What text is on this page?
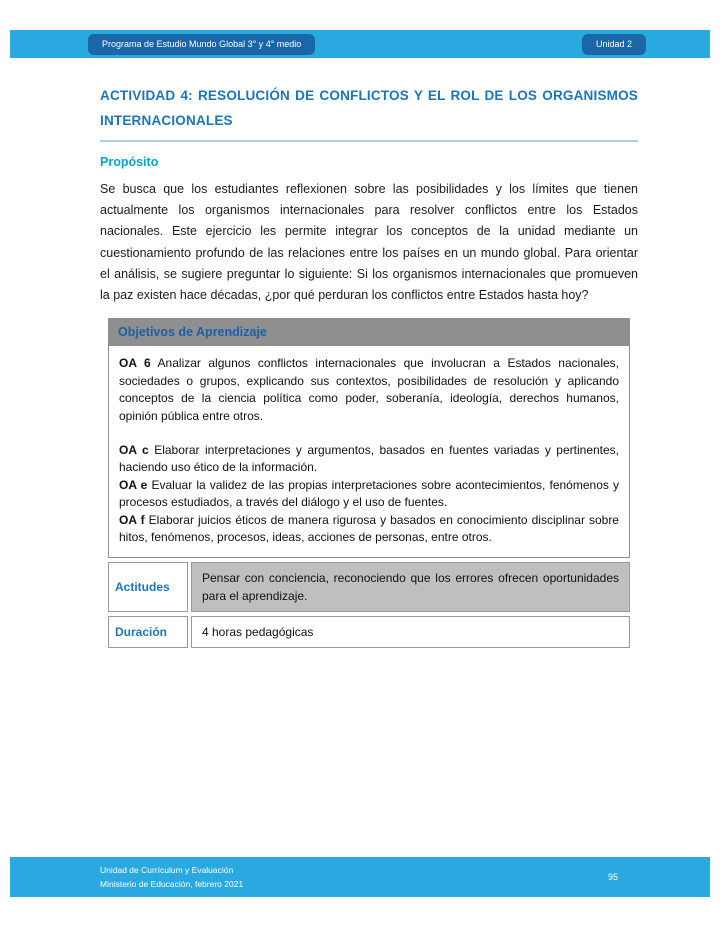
Programa de Estudio Mundo Global 3° y 4° medio	Unidad 2
ACTIVIDAD 4: RESOLUCIÓN DE CONFLICTOS Y EL ROL DE LOS ORGANISMOS INTERNACIONALES
Propósito

Se busca que los estudiantes reflexionen sobre las posibilidades y los límites que tienen actualmente los organismos internacionales para resolver conflictos entre los Estados nacionales. Este ejercicio les permite integrar los conceptos de la unidad mediante un cuestionamiento profundo de las relaciones entre los países en un mundo global. Para orientar el análisis, se sugiere preguntar lo siguiente: Si los organismos internacionales que promueven la paz existen hace décadas, ¿por qué perduran los conflictos entre Estados hasta hoy?

Objetivos de Aprendizaje

OA 6 Analizar algunos conflictos internacionales que involucran a Estados nacionales, sociedades o grupos, explicando sus contextos, posibilidades de resolución y aplicando conceptos de la ciencia política como poder, soberanía, ideología, derechos humanos, opinión pública entre otros.

OA c Elaborar interpretaciones y argumentos, basados en fuentes variadas y pertinentes, haciendo uso ético de la información.

OA e Evaluar la validez de las propias interpretaciones sobre acontecimientos, fenómenos y procesos estudiados, a través del diálogo y el uso de fuentes.

OA f Elaborar juicios éticos de manera rigurosa y basados en conocimiento disciplinar sobre hitos, fenómenos, procesos, ideas, acciones de personas, entre otros.

Actitudes
Pensar con conciencia, reconociendo que los errores ofrecen oportunidades para el aprendizaje.
Duración	4 horas pedagógicas
Unidad de Currículum y Evaluación
Ministerio de Educación, febrero 2021
95
